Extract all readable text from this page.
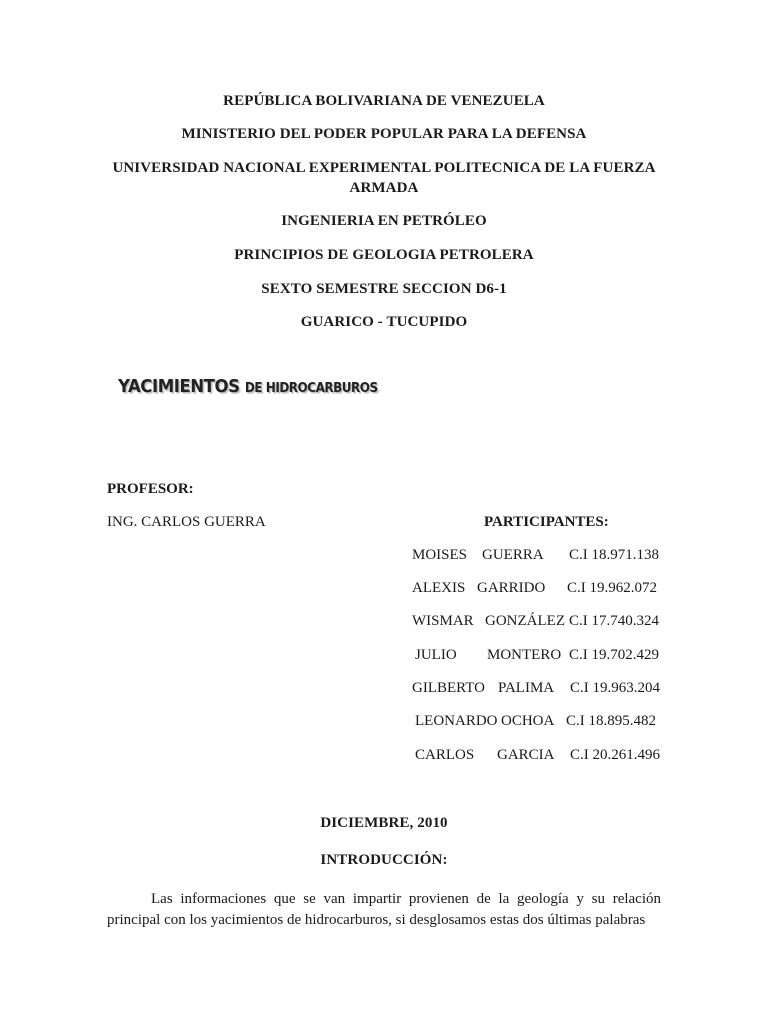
REPÚBLICA BOLIVARIANA DE VENEZUELA
MINISTERIO DEL PODER POPULAR PARA LA DEFENSA
UNIVERSIDAD NACIONAL EXPERIMENTAL POLITECNICA DE LA FUERZA
ARMADA
INGENIERIA EN PETRÓLEO
PRINCIPIOS DE GEOLOGIA PETROLERA
SEXTO SEMESTRE SECCION D6-1
GUARICO - TUCUPIDO
YACIMIENTOS DE HIDROCARBUROS
PROFESOR:
ING. CARLOS GUERRA	PARTICIPANTES:
MOISES GUERRA C.I 18.971.138
ALEXIS GARRIDO C.I 19.962.072
WISMAR GONZÁLEZ C.I 17.740.324
JULIO MONTERO C.I 19.702.429
GILBERTO PALIMA C.I 19.963.204
LEONARDO OCHOA C.I 18.895.482
CARLOS GARCIA C.I 20.261.496
DICIEMBRE, 2010
INTRODUCCIÓN:
Las informaciones que se van impartir provienen de la geología y su relación principal con los yacimientos de hidrocarburos, si desglosamos estas dos últimas palabras
